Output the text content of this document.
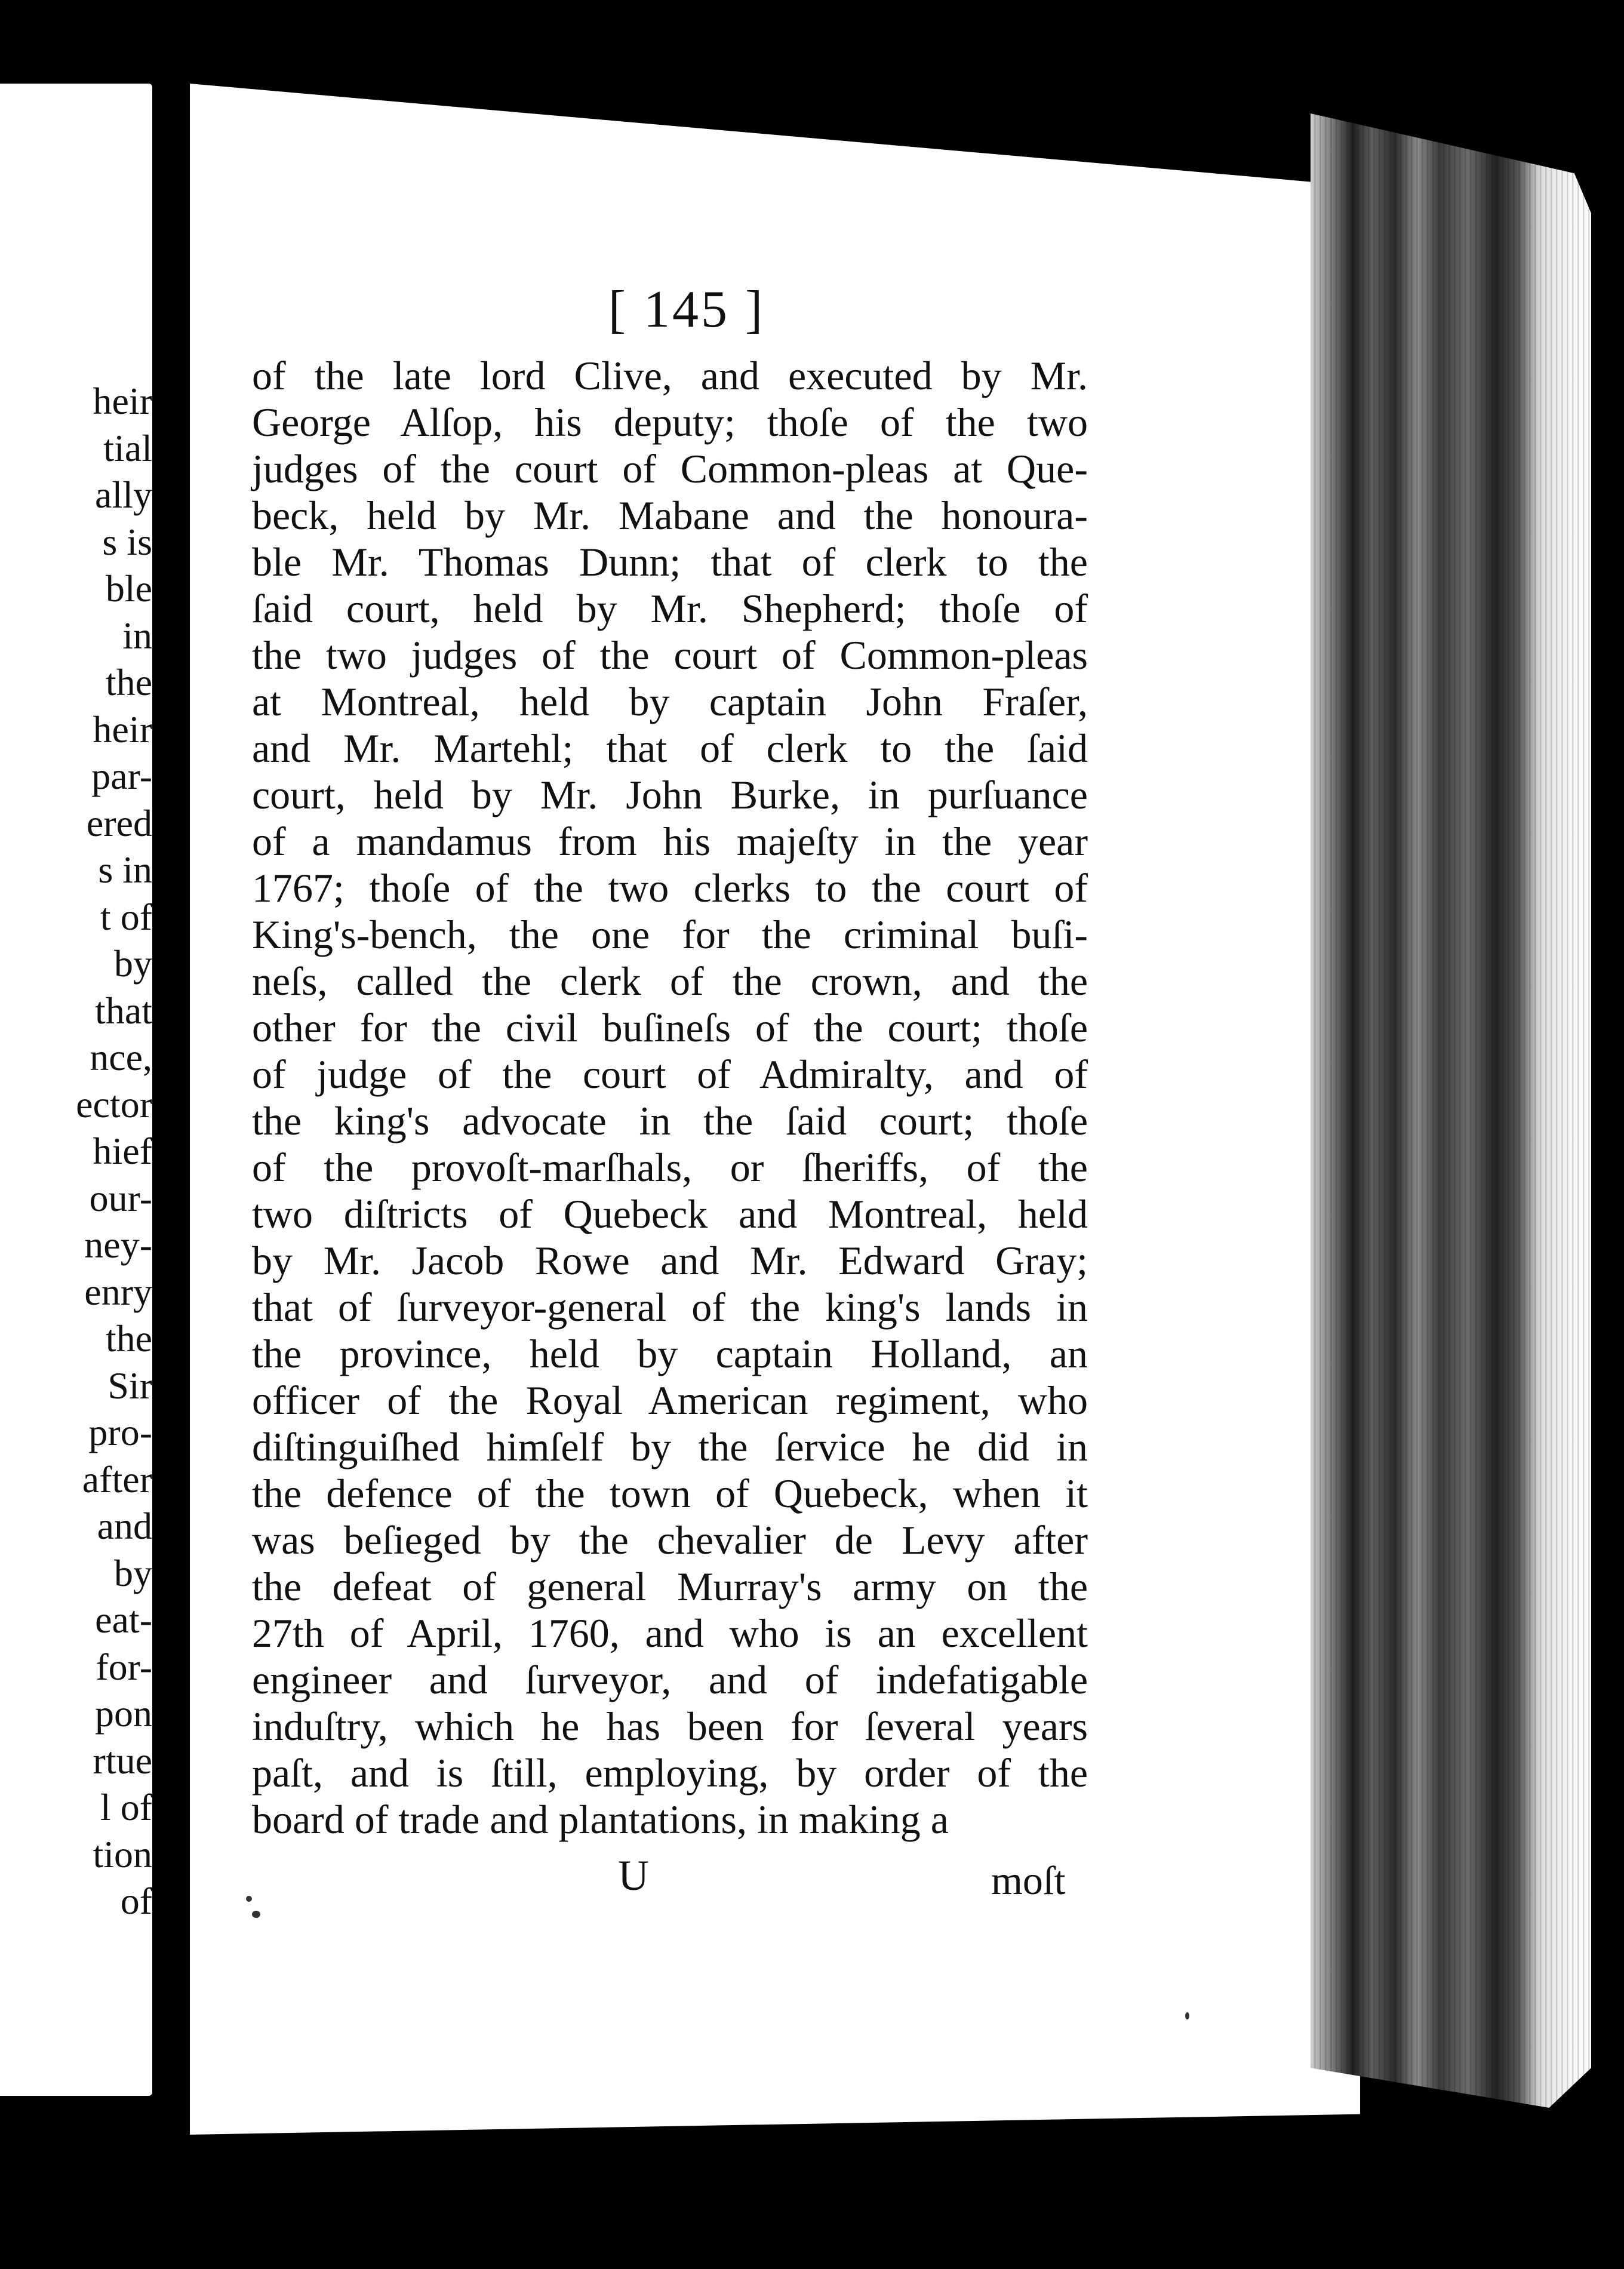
heir
tial
ally
s is
ble
in
the
heir
par-
ered
s in
t of
by
that
nce,
ector
hief
our-
ney-
enry
the
Sir
pro-
after
and
by
eat-
for-
pon
rtue
l of
tion
of
[ 145 ]
of the late lord Clive, and executed by Mr.
George Alſop, his deputy; thoſe of the two
judges of the court of Common-pleas at Que-
beck, held by Mr. Mabane and the honoura-
ble Mr. Thomas Dunn; that of clerk to the
ſaid court, held by Mr. Shepherd; thoſe of
the two judges of the court of Common-pleas
at Montreal, held by captain John Fraſer,
and Mr. Martehl; that of clerk to the ſaid
court, held by Mr. John Burke, in purſuance
of a mandamus from his majeſty in the year
1767; thoſe of the two clerks to the court of
King's-bench, the one for the criminal buſi-
neſs, called the clerk of the crown, and the
other for the civil buſineſs of the court; thoſe
of judge of the court of Admiralty, and of
the king's advocate in the ſaid court; thoſe
of the provoſt-marſhals, or ſheriffs, of the
two diſtricts of Quebeck and Montreal, held
by Mr. Jacob Rowe and Mr. Edward Gray;
that of ſurveyor-general of the king's lands in
the province, held by captain Holland, an
officer of the Royal American regiment, who
diſtinguiſhed himſelf by the ſervice he did in
the defence of the town of Quebeck, when it
was beſieged by the chevalier de Levy after
the defeat of general Murray's army on the
27th of April, 1760, and who is an excellent
engineer and ſurveyor, and of indefatigable
induſtry, which he has been for ſeveral years
paſt, and is ſtill, employing, by order of the
board of trade and plantations, in making a
U	moſt
